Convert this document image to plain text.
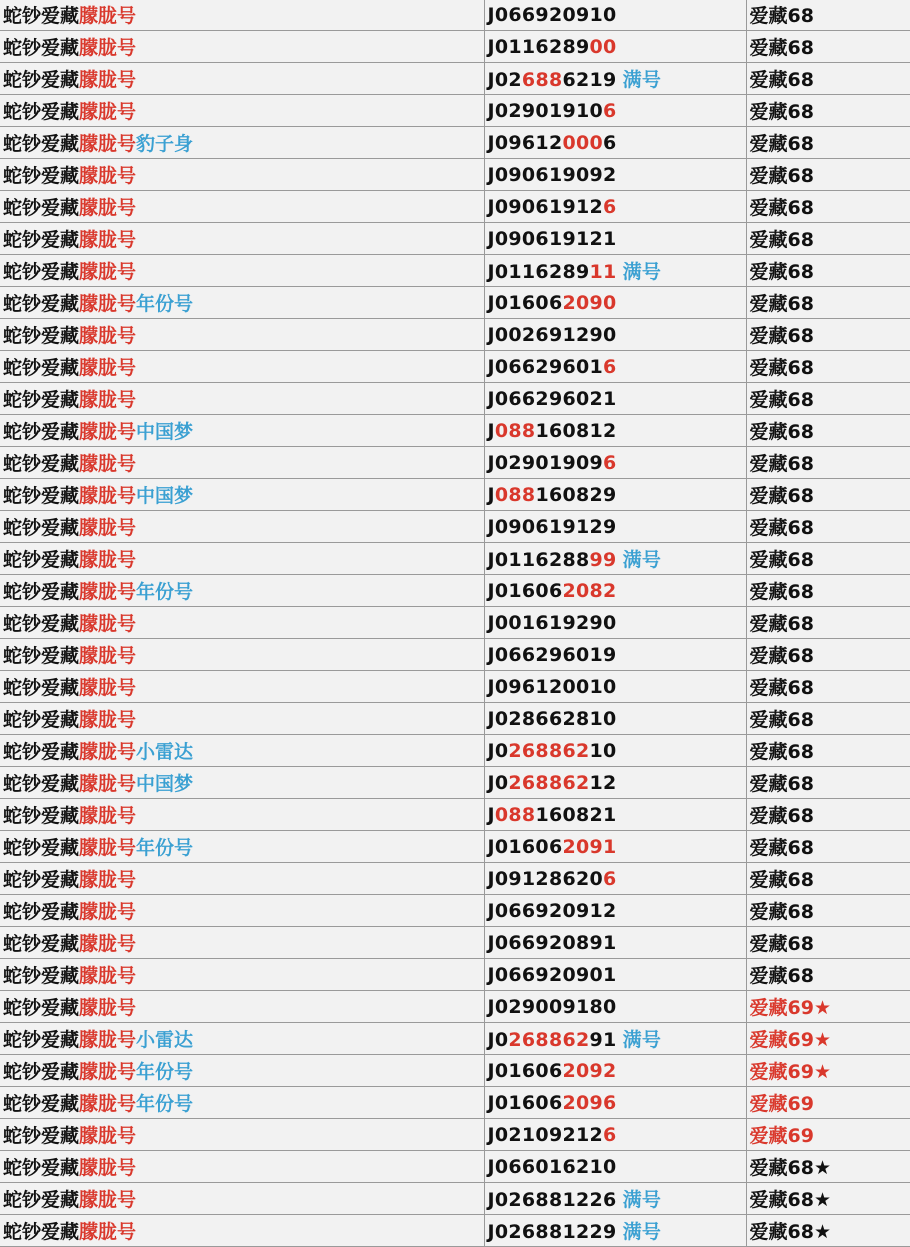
蛇钞爱藏朦胧号	J066920910	爱藏68
蛇钞爱藏朦胧号	J011628900	爱藏68
蛇钞爱藏朦胧号	J026886219 满号	爱藏68
蛇钞爱藏朦胧号	J029019106	爱藏68
蛇钞爱藏朦胧号豹子身	J096120006	爱藏68
蛇钞爱藏朦胧号	J090619092	爱藏68
蛇钞爱藏朦胧号	J090619126	爱藏68
蛇钞爱藏朦胧号	J090619121	爱藏68
蛇钞爱藏朦胧号	J011628911 满号	爱藏68
蛇钞爱藏朦胧号年份号	J016062090	爱藏68
蛇钞爱藏朦胧号	J002691290	爱藏68
蛇钞爱藏朦胧号	J066296016	爱藏68
蛇钞爱藏朦胧号	J066296021	爱藏68
蛇钞爱藏朦胧号中国梦	J088160812	爱藏68
蛇钞爱藏朦胧号	J029019096	爱藏68
蛇钞爱藏朦胧号中国梦	J088160829	爱藏68
蛇钞爱藏朦胧号	J090619129	爱藏68
蛇钞爱藏朦胧号	J011628899 满号	爱藏68
蛇钞爱藏朦胧号年份号	J016062082	爱藏68
蛇钞爱藏朦胧号	J001619290	爱藏68
蛇钞爱藏朦胧号	J066296019	爱藏68
蛇钞爱藏朦胧号	J096120010	爱藏68
蛇钞爱藏朦胧号	J028662810	爱藏68
蛇钞爱藏朦胧号小雷达	J026886210	爱藏68
蛇钞爱藏朦胧号中国梦	J026886212	爱藏68
蛇钞爱藏朦胧号	J088160821	爱藏68
蛇钞爱藏朦胧号年份号	J016062091	爱藏68
蛇钞爱藏朦胧号	J091286206	爱藏68
蛇钞爱藏朦胧号	J066920912	爱藏68
蛇钞爱藏朦胧号	J066920891	爱藏68
蛇钞爱藏朦胧号	J066920901	爱藏68
蛇钞爱藏朦胧号	J029009180	爱藏69★
蛇钞爱藏朦胧号小雷达	J026886291 满号	爱藏69★
蛇钞爱藏朦胧号年份号	J016062092	爱藏69★
蛇钞爱藏朦胧号年份号	J016062096	爱藏69
蛇钞爱藏朦胧号	J021092126	爱藏69
蛇钞爱藏朦胧号	J066016210	爱藏68★
蛇钞爱藏朦胧号	J026881226 满号	爱藏68★
蛇钞爱藏朦胧号	J026881229 满号	爱藏68★
